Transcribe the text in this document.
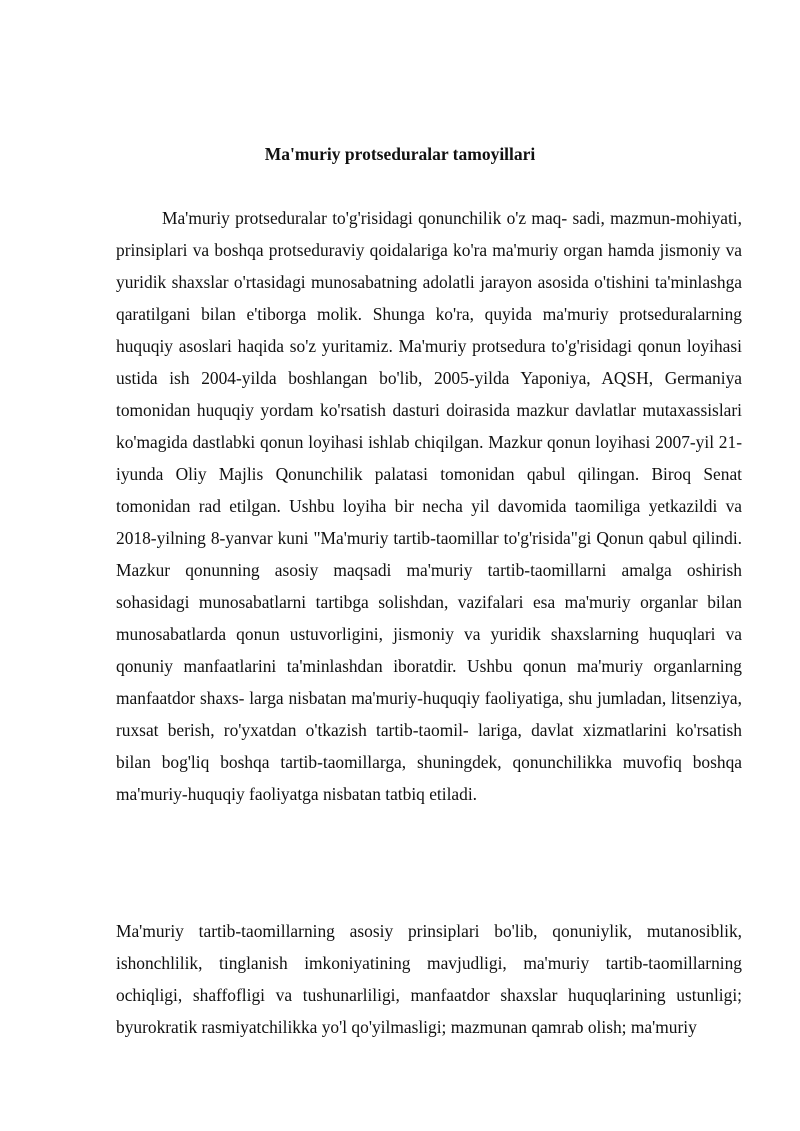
Ma'muriy protseduralar tamoyillari

Ma'muriy protseduralar to'g'risidagi qonunchilik o'z maq- sadi, mazmun-mohiyati, prinsiplari va boshqa protseduraviy qoidalariga ko'ra ma'muriy organ hamda jismoniy va yuridik shaxslar o'rtasidagi munosabatning adolatli jarayon asosida o'tishini ta'minlashga qaratilgani bilan e'tiborga molik. Shunga ko'ra, quyida ma'muriy protseduralarning huquqiy asoslari haqida so'z yuritamiz. Ma'muriy protsedura to'g'risidagi qonun loyihasi ustida ish 2004-yilda boshlangan bo'lib, 2005-yilda Yaponiya, AQSH, Germaniya tomonidan huquqiy yordam ko'rsatish dasturi doirasida mazkur davlatlar mutaxassislari ko'magida dastlabki qonun loyihasi ishlab chiqilgan. Mazkur qonun loyihasi 2007-yil 21-iyunda Oliy Majlis Qonunchilik palatasi tomonidan qabul qilingan. Biroq Senat tomonidan rad etilgan. Ushbu loyiha bir necha yil davomida taomiliga yetkazildi va 2018-yilning 8-yanvar kuni "Ma'muriy tartib-taomillar to'g'risida"gi Qonun qabul qilindi. Mazkur qonunning asosiy maqsadi ma'muriy tartib-taomillarni amalga oshirish sohasidagi munosabatlarni tartibga solishdan, vazifalari esa ma'muriy organlar bilan munosabatlarda qonun ustuvorligini, jismoniy va yuridik shaxslarning huquqlari va qonuniy manfaatlarini ta'minlashdan iboratdir. Ushbu qonun ma'muriy organlarning manfaatdor shaxs- larga nisbatan ma'muriy-huquqiy faoliyatiga, shu jumladan, litsenziya, ruxsat berish, ro'yxatdan o'tkazish tartib-taomil- lariga, davlat xizmatlarini ko'rsatish bilan bog'liq boshqa tartib-taomillarga, shuningdek, qonunchilikka muvofiq boshqa ma'muriy-huquqiy faoliyatga nisbatan tatbiq etiladi.

Ma'muriy tartib-taomillarning asosiy prinsiplari bo'lib, qonuniylik, mutanosiblik, ishonchlilik, tinglanish imkoniyatining mavjudligi, ma'muriy tartib-taomillarning ochiqligi, shaffofligi va tushunarliligi, manfaatdor shaxslar huquqlarining ustunligi; byurokratik rasmiyatchilikka yo'l qo'yilmasligi; mazmunan qamrab olish; ma'muriy
